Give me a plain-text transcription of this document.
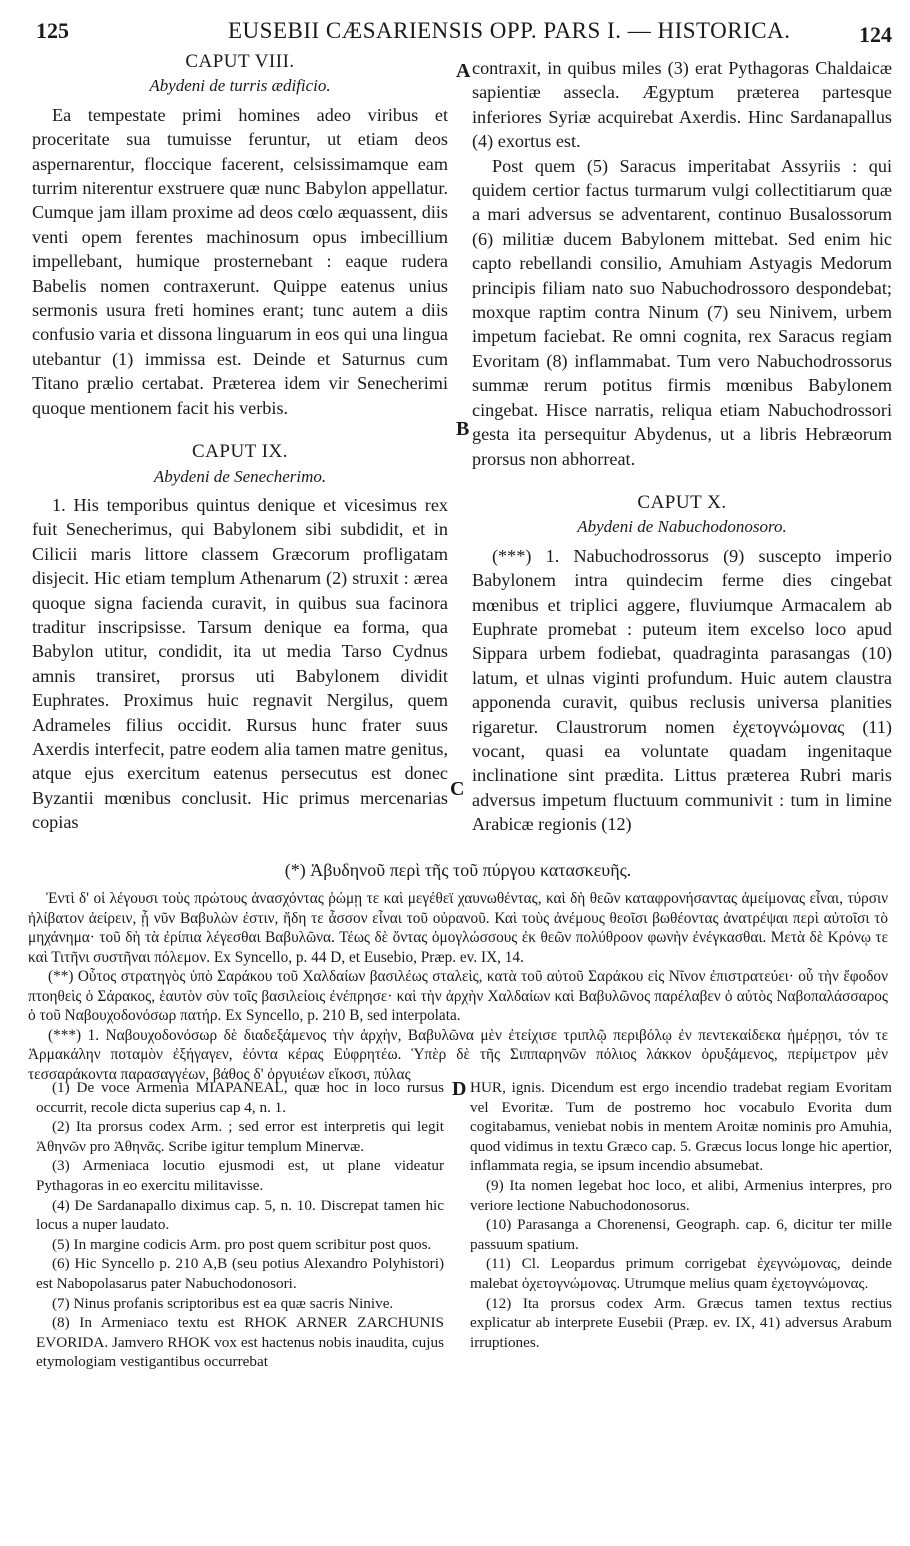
125	EUSEBII CÆSARIENSIS OPP. PARS I. — HISTORICA.	124
A
B
C
D
CAPUT VIII.
Abydeni de turris ædificio.

Ea tempestate primi homines adeo viribus et proceritate sua tumuisse feruntur, ut etiam deos aspernarentur, floccique facerent, celsissimamque eam turrim niterentur exstruere quæ nunc Babylon appellatur. Cumque jam illam proxime ad deos cœlo æquassent, diis venti opem ferentes machinosum opus imbecillium impellebant, humique prosternebant : eaque rudera Babelis nomen contraxerunt. Quippe eatenus unius sermonis usura freti homines erant; tunc autem a diis confusio varia et dissona linguarum in eos qui una lingua utebantur (1) immissa est. Deinde et Saturnus cum Titano prælio certabat. Præterea idem vir Senecherimi quoque mentionem facit his verbis.

CAPUT IX.
Abydeni de Senecherimo.

1. His temporibus quintus denique et vicesimus rex fuit Senecherimus, qui Babylonem sibi subdidit, et in Cilicii maris littore classem Græcorum profligatam disjecit. Hic etiam templum Athenarum (2) struxit : ærea quoque signa facienda curavit, in quibus sua facinora traditur inscripsisse. Tarsum denique ea forma, qua Babylon utitur, condidit, ita ut media Tarso Cydnus amnis transiret, prorsus uti Babylonem dividit Euphrates. Proximus huic regnavit Nergilus, quem Adrameles filius occidit. Rursus hunc frater suus Axerdis interfecit, patre eodem alia tamen matre genitus, atque ejus exercitum eatenus persecutus est donec Byzantii mœnibus conclusit. Hic primus mercenarias copias

contraxit, in quibus miles (3) erat Pythagoras Chaldaicæ sapientiæ assecla. Ægyptum præterea partesque inferiores Syriæ acquirebat Axerdis. Hinc Sardanapallus (4) exortus est.

Post quem (5) Saracus imperitabat Assyriis : qui quidem certior factus turmarum vulgi collectitiarum quæ a mari adversus se adventarent, continuo Busalossorum (6) militiæ ducem Babylonem mittebat. Sed enim hic capto rebellandi consilio, Amuhiam Astyagis Medorum principis filiam nato suo Nabuchodrossoro despondebat; moxque raptim contra Ninum (7) seu Ninivem, urbem impetum faciebat. Re omni cognita, rex Saracus regiam Evoritam (8) inflammabat. Tum vero Nabuchodrossorus summæ rerum potitus firmis mœnibus Babylonem cingebat. Hisce narratis, reliqua etiam Nabuchodrossori gesta ita persequitur Abydenus, ut a libris Hebræorum prorsus non abhorreat.

CAPUT X.
Abydeni de Nabuchodonosoro.

(***) 1. Nabuchodrossorus (9) suscepto imperio Babylonem intra quindecim ferme dies cingebat mœnibus et triplici aggere, fluviumque Armacalem ab Euphrate promebat : puteum item excelso loco apud Sippara urbem fodiebat, quadraginta parasangas (10) latum, et ulnas viginti profundum. Huic autem claustra apponenda curavit, quibus reclusis universa planities rigaretur. Claustrorum nomen ἐχετογνώμονας (11) vocant, quasi ea voluntate quadam ingenitaque inclinatione sint prædita. Littus præterea Rubri maris adversus impetum fluctuum communivit : tum in limine Arabicæ regionis (12)

(*) Ἀβυδηνοῦ περὶ τῆς τοῦ πύργου κατασκευῆς.

Ἐντὶ δ' οἱ λέγουσι τοὺς πρώτους ἀνασχόντας ῥώμῃ τε καὶ μεγέθεϊ χαυνωθέντας, καὶ δὴ θεῶν καταφρονήσαντας ἀμείμονας εἶναι, τύρσιν ἠλίβατον ἀείρειν, ᾗ νῦν Βαβυλὼν ἐστιν, ἤδη τε ἆσσον εἶναι τοῦ οὐρανοῦ. Καὶ τοὺς ἀνέμους θεοῖσι βωθέοντας ἀνατρέψαι περὶ αὐτοῖσι τὸ μηχάνημα· τοῦ δὴ τὰ ἐρίπια λέγεσθαι Βαβυλῶνα. Τέως δὲ ὄντας ὁμογλώσσους ἐκ θεῶν πολύθροον φωνὴν ἐνέγκασθαι. Μετὰ δὲ Κρόνῳ τε καὶ Τιτῆνι συστῆναι πόλεμον. Ex Syncello, p. 44 D, et Eusebio, Præp. ev. IX, 14.

(**) Οὗτος στρατηγὸς ὑπὸ Σαράκου τοῦ Χαλδαίων βασιλέως σταλεὶς, κατὰ τοῦ αὐτοῦ Σαράκου εἰς Νῖνον ἐπιστρατεύει· οὗ τὴν ἔφοδον πτοηθεὶς ὁ Σάρακος, ἑαυτὸν σὺν τοῖς βασιλείοις ἐνέπρησε· καὶ τὴν ἀρχὴν Χαλδαίων καὶ Βαβυλῶνος παρέλαβεν ὁ αὐτὸς Ναβοπαλάσσαρος ὁ τοῦ Ναβουχοδονόσωρ πατήρ. Ex Syncello, p. 210 B, sed interpolata.

(***) 1. Ναβουχοδονόσωρ δὲ διαδεξάμενος τὴν ἀρχὴν, Βαβυλῶνα μὲν ἐτείχισε τριπλῷ περιβόλῳ ἐν πεντεκαίδεκα ἡμέρῃσι, τόν τε Ἀρμακάλην ποταμὸν ἐξήγαγεν, ἐόντα κέρας Εὐφρητέω. Ὑπὲρ δὲ τῆς Σιππαρηνῶν πόλιος λάκκον ὀρυξάμενος, περίμετρον μὲν τεσσαράκοντα παρασαγγέων, βάθος δ' ὀργυιέων εἴκοσι, πύλας

(1) De voce Armenia MIAPANEAL, quæ hoc in loco rursus occurrit, recole dicta superius cap 4, n. 1.

(2) Ita prorsus codex Arm. ; sed error est interpretis qui legit Ἀθηνῶν pro Ἀθηνᾶς. Scribe igitur templum Minervæ.

(3) Armeniaca locutio ejusmodi est, ut plane videatur Pythagoras in eo exercitu militavisse.

(4) De Sardanapallo diximus cap. 5, n. 10. Discrepat tamen hic locus a nuper laudato.

(5) In margine codicis Arm. pro post quem scribitur post quos.

(6) Hic Syncello p. 210 A,B (seu potius Alexandro Polyhistori) est Nabopolasarus pater Nabuchodonosori.

(7) Ninus profanis scriptoribus est ea quæ sacris Ninive.

(8) In Armeniaco textu est RHOK ARNER ZARCHUNIS EVORIDA. Jamvero RHOK vox est hactenus nobis inaudita, cujus etymologiam vestigantibus occurrebat

HUR, ignis. Dicendum est ergo incendio tradebat regiam Evoritam vel Evoritæ. Tum de postremo hoc vocabulo Evorita dum cogitabamus, veniebat nobis in mentem Aroitæ nominis pro Amuhia, quod vidimus in textu Græco cap. 5. Græcus locus longe hic apertior, inflammata regia, se ipsum incendio absumebat.

(9) Ita nomen legebat hoc loco, et alibi, Armenius interpres, pro veriore lectione Nabuchodonosorus.

(10) Parasanga a Chorenensi, Geograph. cap. 6, dicitur ter mille passuum spatium.

(11) Cl. Leopardus primum corrigebat ἐχεγνώμονας, deinde malebat ὀχετογνώμονας. Utrumque melius quam ἐχετογνώμονας.

(12) Ita prorsus codex Arm. Græcus tamen textus rectius explicatur ab interprete Eusebii (Præp. ev. IX, 41) adversus Arabum irruptiones.
